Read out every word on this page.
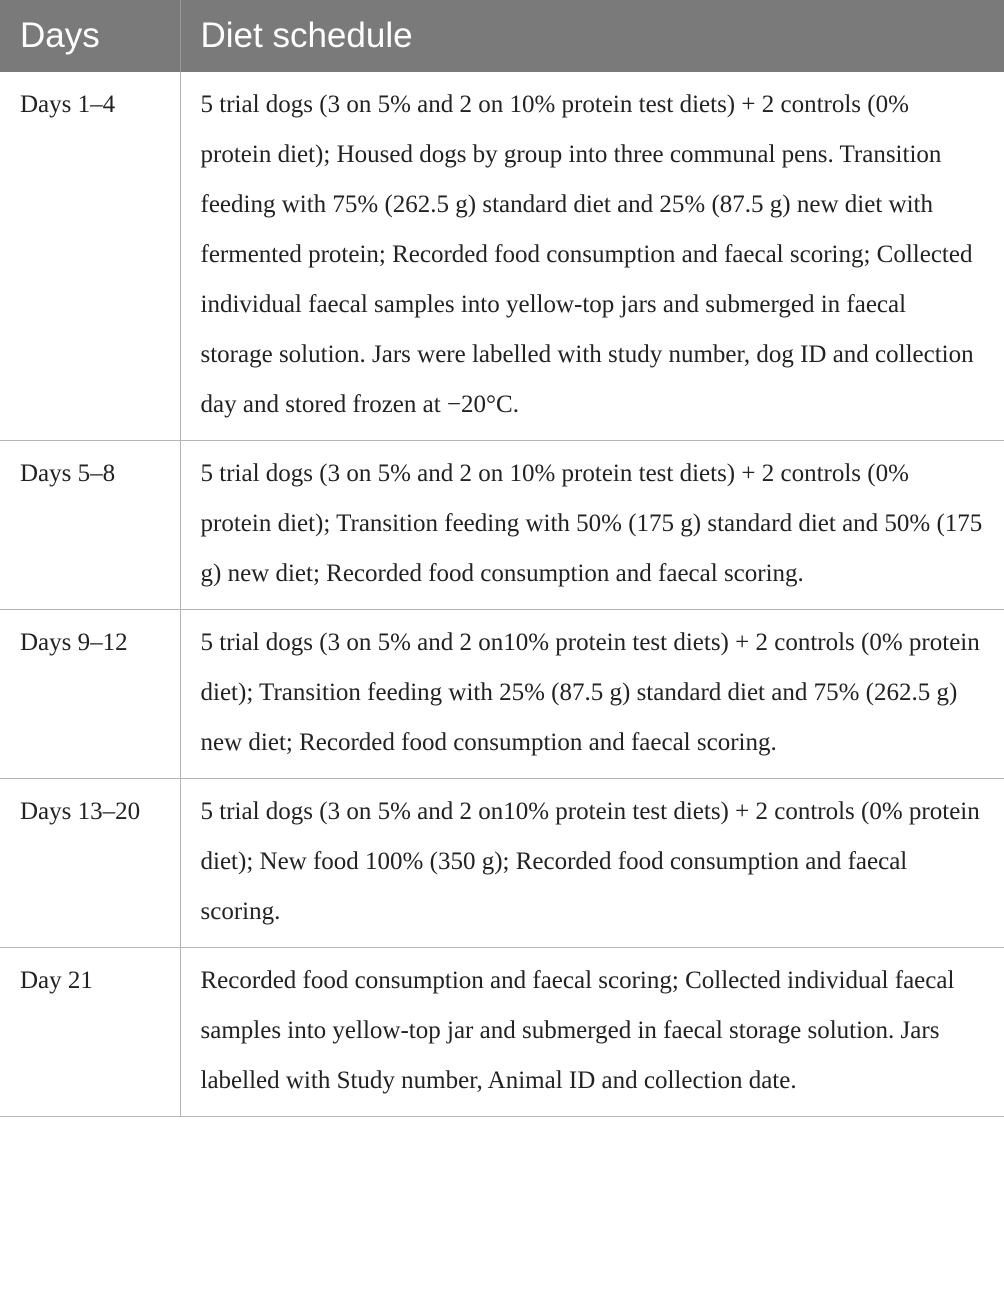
Days	Diet schedule
Days 1–4	5 trial dogs (3 on 5% and 2 on 10% protein test diets) + 2 controls (0% protein diet); Housed dogs by group into three communal pens. Transition feeding with 75% (262.5 g) standard diet and 25% (87.5 g) new diet with fermented protein; Recorded food consumption and faecal scoring; Collected individual faecal samples into yellow-top jars and submerged in faecal storage solution. Jars were labelled with study number, dog ID and collection day and stored frozen at −20°C.
Days 5–8	5 trial dogs (3 on 5% and 2 on 10% protein test diets) + 2 controls (0% protein diet); Transition feeding with 50% (175 g) standard diet and 50% (175 g) new diet; Recorded food consumption and faecal scoring.
Days 9–12	5 trial dogs (3 on 5% and 2 on10% protein test diets) + 2 controls (0% protein diet); Transition feeding with 25% (87.5 g) standard diet and 75% (262.5 g) new diet; Recorded food consumption and faecal scoring.
Days 13–20	5 trial dogs (3 on 5% and 2 on10% protein test diets) + 2 controls (0% protein diet); New food 100% (350 g); Recorded food consumption and faecal scoring.
Day 21	Recorded food consumption and faecal scoring; Collected individual faecal samples into yellow-top jar and submerged in faecal storage solution. Jars labelled with Study number, Animal ID and collection date.
